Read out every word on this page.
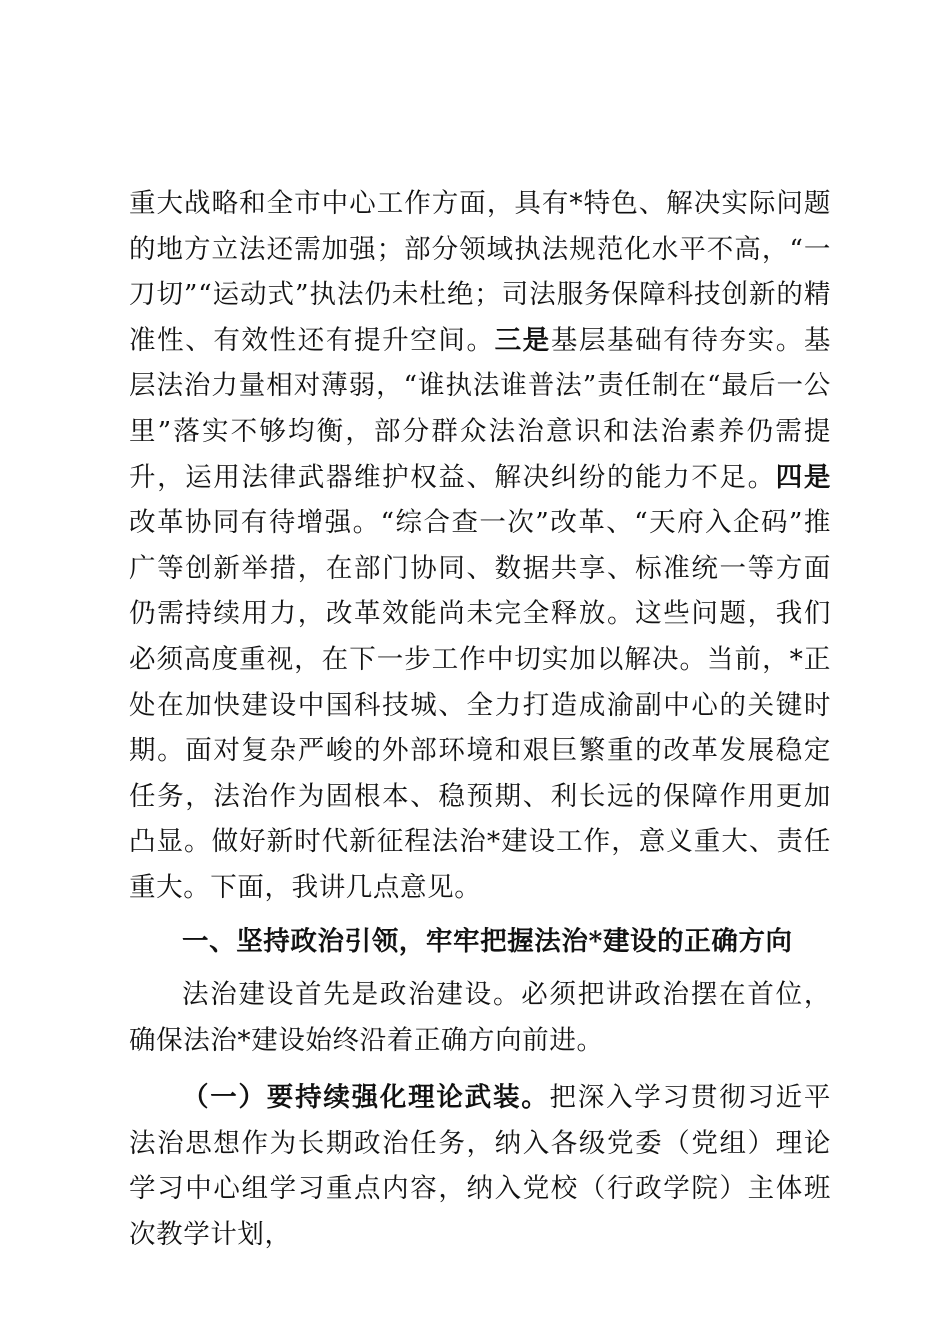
重大战略和全市中心工作方面，具有*特色、解决实际问题的地方立法还需加强；部分领域执法规范化水平不高，“一刀切”“运动式”执法仍未杜绝；司法服务保障科技创新的精准性、有效性还有提升空间。三是基层基础有待夯实。基层法治力量相对薄弱，“谁执法谁普法”责任制在“最后一公里”落实不够均衡，部分群众法治意识和法治素养仍需提升，运用法律武器维护权益、解决纠纷的能力不足。四是改革协同有待增强。“综合查一次”改革、“天府入企码”推广等创新举措，在部门协同、数据共享、标准统一等方面仍需持续用力，改革效能尚未完全释放。这些问题，我们必须高度重视，在下一步工作中切实加以解决。当前，*正处在加快建设中国科技城、全力打造成渝副中心的关键时期。面对复杂严峻的外部环境和艰巨繁重的改革发展稳定任务，法治作为固根本、稳预期、利长远的保障作用更加凸显。做好新时代新征程法治*建设工作，意义重大、责任重大。下面，我讲几点意见。

一、坚持政治引领，牢牢把握法治*建设的正确方向

法治建设首先是政治建设。必须把讲政治摆在首位，确保法治*建设始终沿着正确方向前进。

（一）要持续强化理论武装。把深入学习贯彻习近平法治思想作为长期政治任务，纳入各级党委（党组）理论学习中心组学习重点内容，纳入党校（行政学院）主体班次教学计划，
